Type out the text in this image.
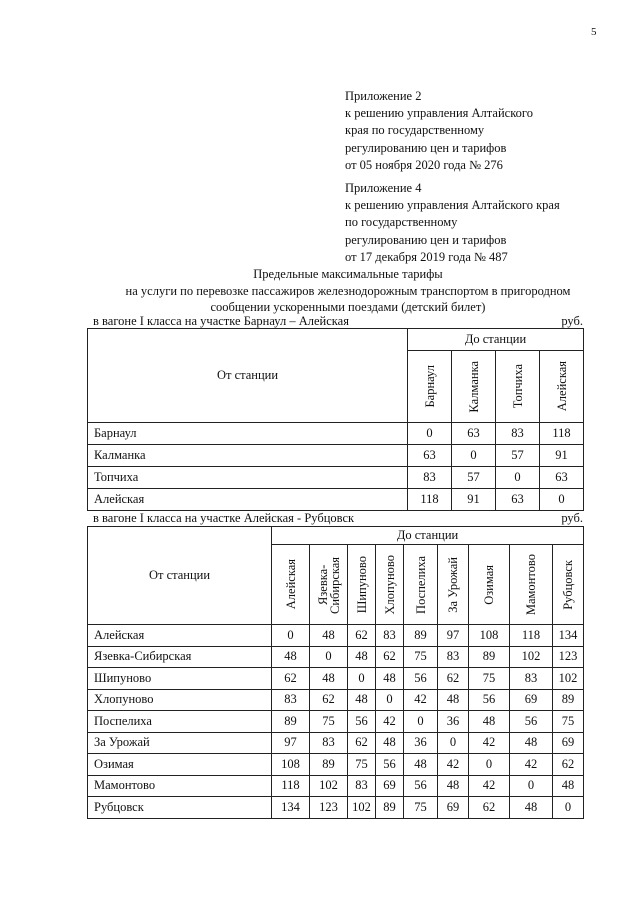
5
Приложение 2
к решению управления Алтайского
края по государственному
регулированию цен и тарифов
от 05 ноября 2020 года № 276
Приложение 4
к решению управления Алтайского края
по государственному
регулированию цен и тарифов
от 17 декабря 2019 года № 487
Предельные максимальные тарифы
на услуги по перевозке пассажиров железнодорожным транспортом в пригородном
сообщении ускоренными поездами (детский билет)
в вагоне I класса на участке Барнаул – Алейская	руб.
От станции	До станции			

	Барнаул	Калманка	Топчиха	Алейская

Барнаул	0	63	83	118
Калманка	63	0	57	91
Топчиха	83	57	0	63
Алейская	118	91	63	0
в вагоне I класса на участке Алейская - Рубцовск	руб.
От станции	До станции								

	Алейская	Язевка-Сибирская	Шипуново	Хлопуново	Поспелиха	За Урожай	Озимая	Мамонтово	Рубцовск

Алейская	0	48	62	83	89	97	108	118	134
Язевка-Сибирская	48	0	48	62	75	83	89	102	123
Шипуново	62	48	0	48	56	62	75	83	102
Хлопуново	83	62	48	0	42	48	56	69	89
Поспелиха	89	75	56	42	0	36	48	56	75
За Урожай	97	83	62	48	36	0	42	48	69
Озимая	108	89	75	56	48	42	0	42	62
Мамонтово	118	102	83	69	56	48	42	0	48
Рубцовск	134	123	102	89	75	69	62	48	0
